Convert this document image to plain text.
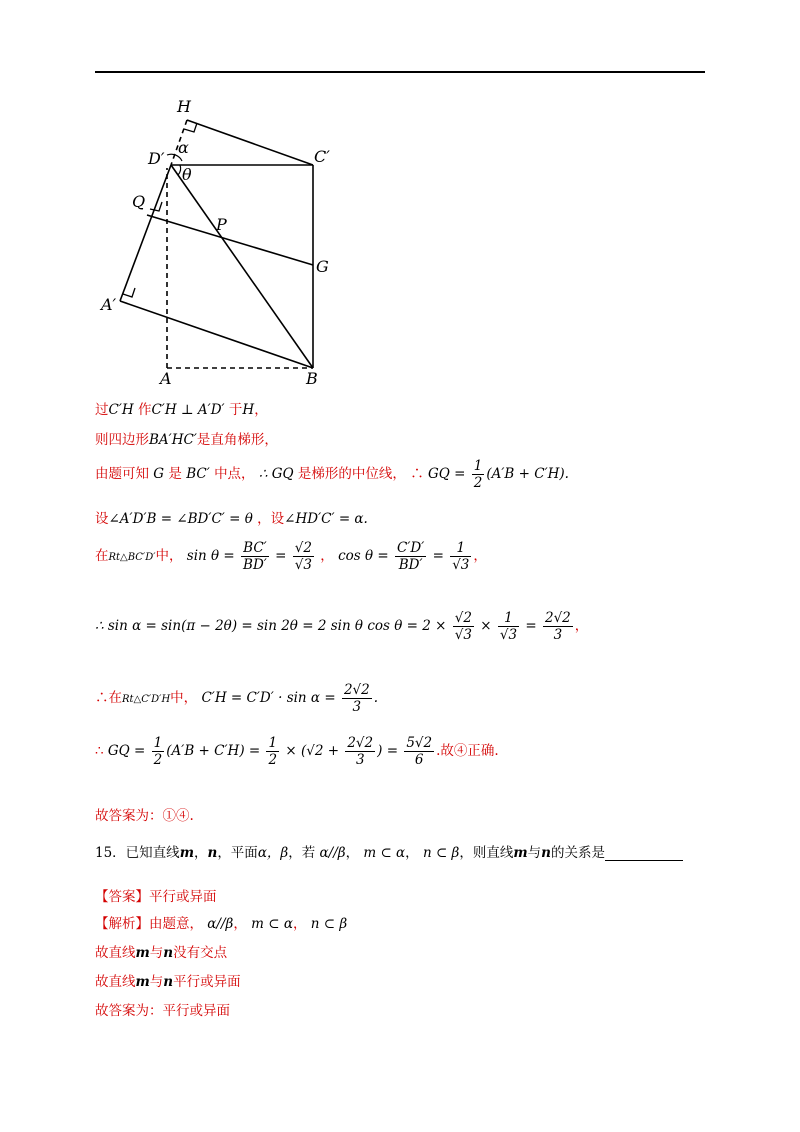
H
α
D′	C′
θ
Q
P
G
A′
A	B
过C′H 作C′H ⊥ A′D′ 于H，
则四边形BA′HC′是直角梯形，
由题可知 G 是 BC′ 中点， ∴ GQ 是梯形的中位线， ∴ GQ = $\frac{1}{2} (A'B + C'H)$.
设∠A′D′B = ∠BD′C′ = θ ，设∠HD′C′ = α.
在Rt△BC′D′中， $\sin \theta = \frac{BC'}{BD'} = \frac{√2}{√3}$ ， $\cos \theta = \frac{C'D'}{BD'} = \frac{1}{√3}$ ，
∴ sin α = sin(π − 2θ) = sin 2θ = 2 sin θ $\cos \theta = 2 \times \frac{√2}{√3} \times \frac{1}{√3} = \frac{2√2}{3}$ ，
∴在Rt△C′D′H中， $C'H = C'D' \cdot \sin \alpha = \frac{2√2}{3}$ .
∴ GQ = $\frac{1}{2} (A'B + C'H) = \frac{1}{2} \times (√2 + \frac{2√2}{3}$ ) = $\frac{5√2}{6}$ .故④正确.
故答案为：①④.
15．已知直线m，n，平面α，β，若 α//β， m ⊂ α， n ⊂ β，则直线m与n的关系是
【答案】平行或异面
【解析】由题意， α//β， m ⊂ α， n ⊂ β
故直线m与n没有交点
故直线m与n平行或异面
故答案为：平行或异面
